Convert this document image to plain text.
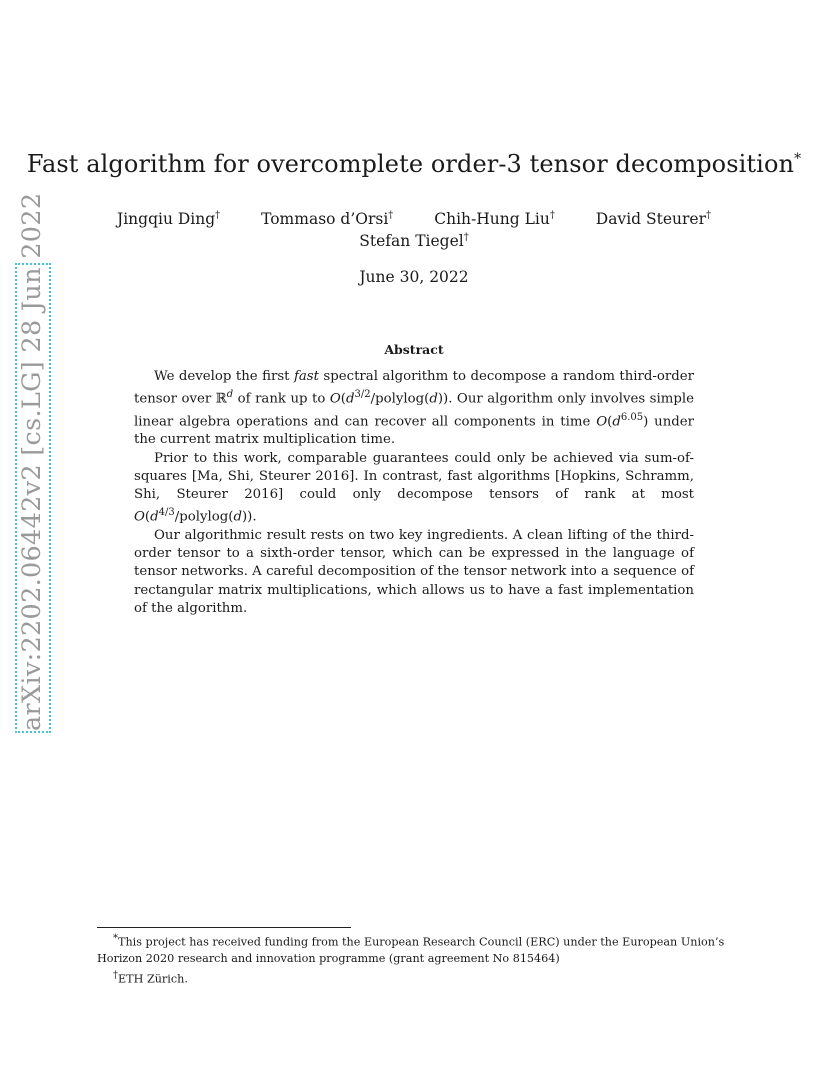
arXiv:2202.06442v2 [cs.LG] 28 Jun 2022
Fast algorithm for overcomplete order-3 tensor decomposition*
Jingqiu Ding†	Tommaso d’Orsi†	Chih-Hung Liu†	David Steurer†
Stefan Tiegel†
June 30, 2022
Abstract

We develop the first fast spectral algorithm to decompose a random third-order tensor over ℝ$^d$ of rank up to $O(d^{3/2}/polylog(d))$. Our algorithm only involves simple linear algebra operations and can recover all components in time $O(d^{6.05})$ under the current matrix multiplication time.

Prior to this work, comparable guarantees could only be achieved via sum-of-squares [Ma, Shi, Steurer 2016]. In contrast, fast algorithms [Hopkins, Schramm, Shi, Steurer 2016] could only decompose tensors of rank at most $O(d^{4/3}/polylog(d))$.

Our algorithmic result rests on two key ingredients. A clean lifting of the third-order tensor to a sixth-order tensor, which can be expressed in the language of tensor networks. A careful decomposition of the tensor network into a sequence of rectangular matrix multiplications, which allows us to have a fast implementation of the algorithm.

*This project has received funding from the European Research Council (ERC) under the European Union’s Horizon 2020 research and innovation programme (grant agreement No 815464)

†ETH Zürich.
